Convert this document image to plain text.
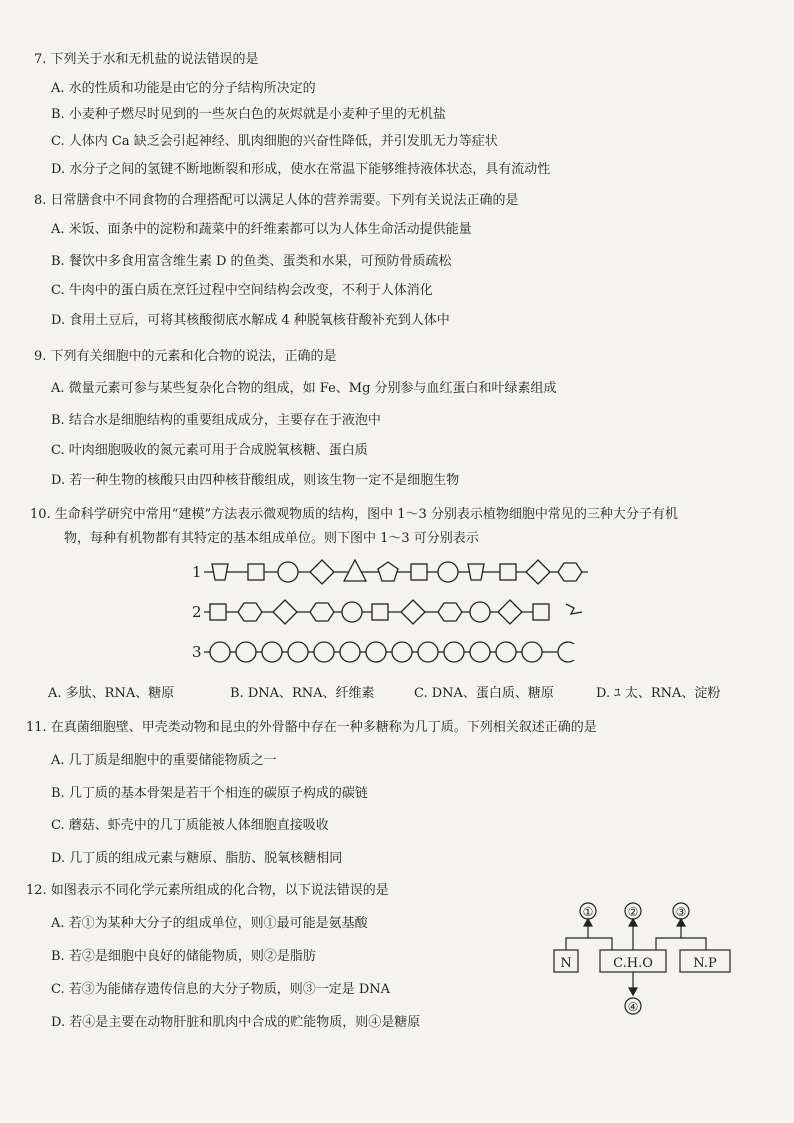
7. 下列关于水和无机盐的说法错误的是
A. 水的性质和功能是由它的分子结构所决定的
B. 小麦种子燃尽时见到的一些灰白色的灰烬就是小麦种子里的无机盐
C. 人体内 Ca 缺乏会引起神经、肌肉细胞的兴奋性降低，并引发肌无力等症状
D. 水分子之间的氢键不断地断裂和形成，使水在常温下能够维持液体状态，具有流动性
8. 日常膳食中不同食物的合理搭配可以满足人体的营养需要。下列有关说法正确的是
A. 米饭、面条中的淀粉和蔬菜中的纤维素都可以为人体生命活动提供能量
B. 餐饮中多食用富含维生素 D 的鱼类、蛋类和水果，可预防骨质疏松
C. 牛肉中的蛋白质在烹饪过程中空间结构会改变，不利于人体消化
D. 食用土豆后，可将其核酸彻底水解成 4 种脱氧核苷酸补充到人体中
9. 下列有关细胞中的元素和化合物的说法，正确的是
A. 微量元素可参与某些复杂化合物的组成，如 Fe、Mg 分别参与血红蛋白和叶绿素组成
B. 结合水是细胞结构的重要组成成分，主要存在于液泡中
C. 叶肉细胞吸收的氮元素可用于合成脱氧核糖、蛋白质
D. 若一种生物的核酸只由四种核苷酸组成，则该生物一定不是细胞生物
10. 生命科学研究中常用“建模”方法表示微观物质的结构，图中 1～3 分别表示植物细胞中常见的三种大分子有机
物，每种有机物都有其特定的基本组成单位。则下图中 1～3 可分别表示
1
2
3
A. 多肽、RNA、糖原	B. DNA、RNA、纤维素	C. DNA、蛋白质、糖原	D. ﾕ 太、RNA、淀粉
11. 在真菌细胞壁、甲壳类动物和昆虫的外骨骼中存在一种多糖称为几丁质。下列相关叙述正确的是
A. 几丁质是细胞中的重要储能物质之一
B. 几丁质的基本骨架是若干个相连的碳原子构成的碳链
C. 蘑菇、虾壳中的几丁质能被人体细胞直接吸收
D. 几丁质的组成元素与糖原、脂肪、脱氧核糖相同
12. 如图表示不同化学元素所组成的化合物，以下说法错误的是
A. 若①为某种大分子的组成单位，则①最可能是氨基酸
B. 若②是细胞中良好的储能物质，则②是脂肪
C. 若③为能储存遗传信息的大分子物质，则③一定是 DNA
D. 若④是主要在动物肝脏和肌肉中合成的贮能物质，则④是糖原
N	C.H.O	N.P
①	②	③
④
